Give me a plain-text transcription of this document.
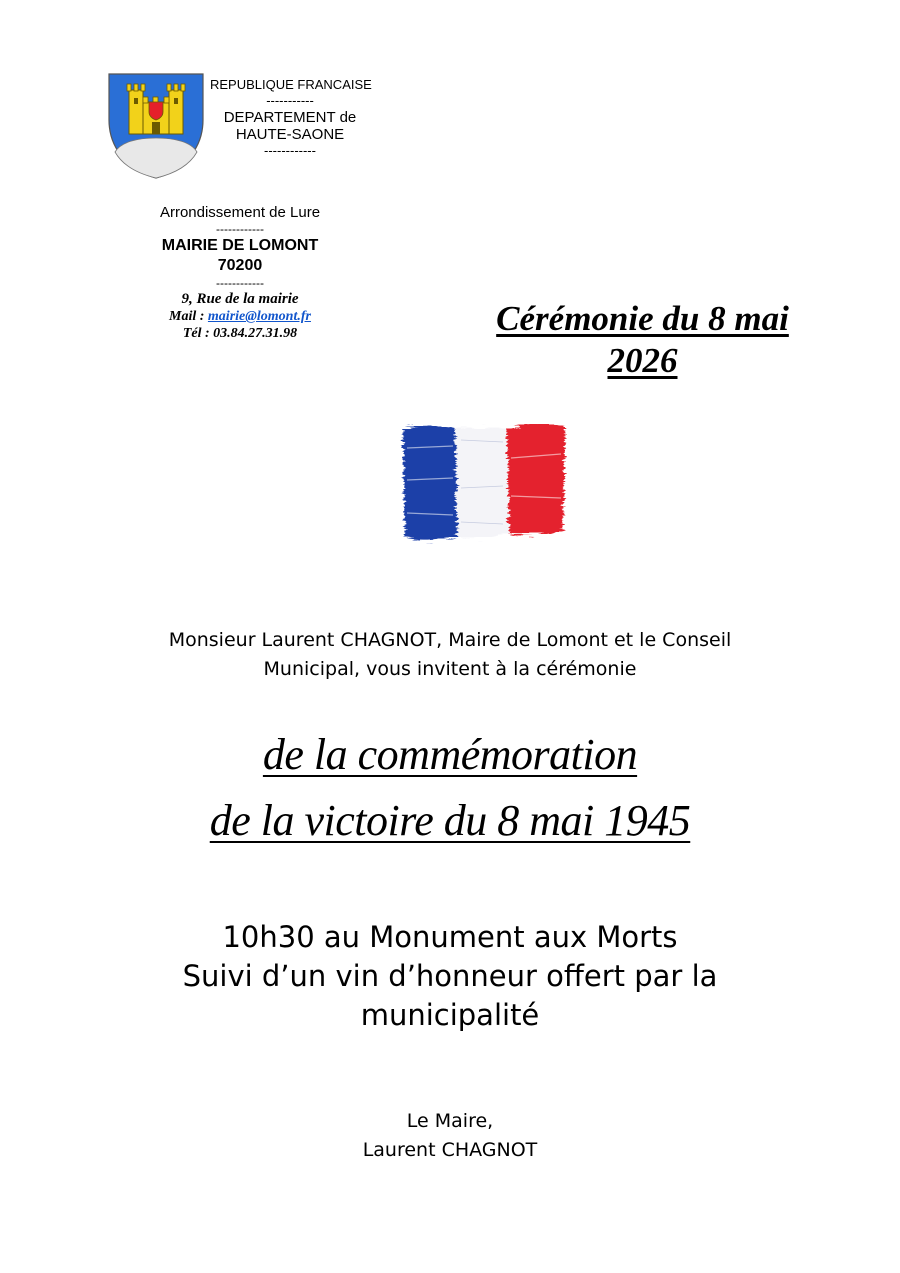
REPUBLIQUE FRANCAISE
-----------
DEPARTEMENT de
HAUTE-SAONE
------------
Arrondissement de Lure
------------
MAIRIE DE LOMONT
70200
------------
9, Rue de la mairie
Mail : mairie@lomont.fr
Tél : 03.84.27.31.98	Cérémonie du 8 mai
2026
Monsieur Laurent CHAGNOT, Maire de Lomont et le Conseil
Municipal, vous invitent à la cérémonie
de la commémoration
de la victoire du 8 mai 1945
10h30 au Monument aux Morts
Suivi d’un vin d’honneur offert par la
municipalité
Le Maire,
Laurent CHAGNOT
